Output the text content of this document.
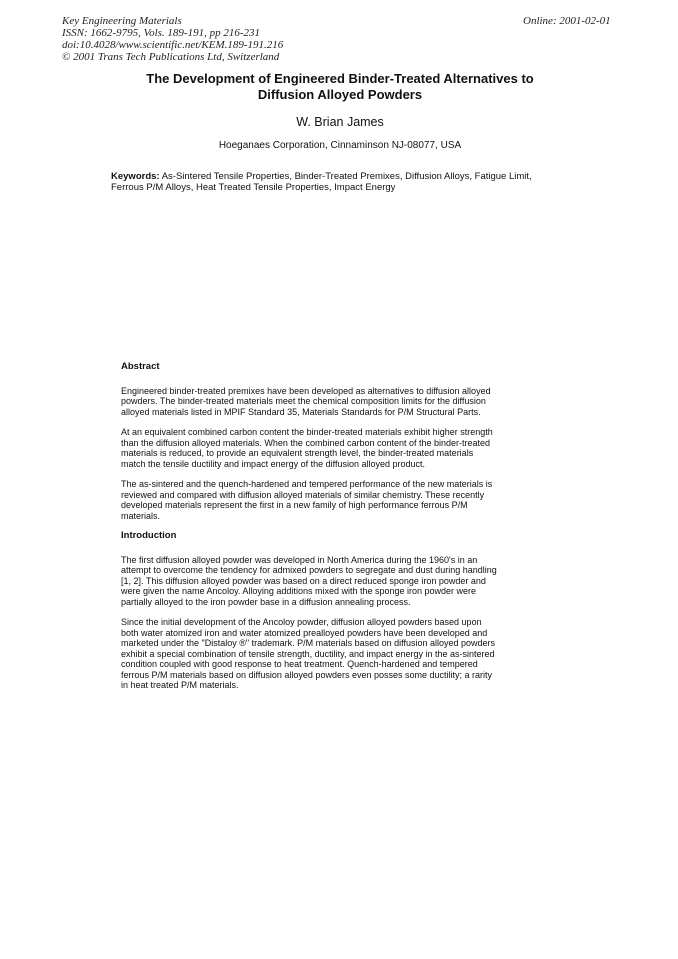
Key Engineering Materials
ISSN: 1662-9795, Vols. 189-191, pp 216-231
doi:10.4028/www.scientific.net/KEM.189-191.216
© 2001 Trans Tech Publications Ltd, Switzerland
Online: 2001-02-01
The Development of Engineered Binder-Treated Alternatives to
Diffusion Alloyed Powders
W. Brian James
Hoeganaes Corporation, Cinnaminson NJ-08077, USA
Keywords: As-Sintered Tensile Properties, Binder-Treated Premixes, Diffusion Alloys, Fatigue Limit, Ferrous P/M Alloys, Heat Treated Tensile Properties, Impact Energy
Abstract
Engineered binder-treated premixes have been developed as alternatives to diffusion alloyed
powders. The binder-treated materials meet the chemical composition limits for the diffusion
alloyed materials listed in MPIF Standard 35, Materials Standards for P/M Structural Parts.
At an equivalent combined carbon content the binder-treated materials exhibit higher strength
than the diffusion alloyed materials. When the combined carbon content of the binder-treated
materials is reduced, to provide an equivalent strength level, the binder-treated materials
match the tensile ductility and impact energy of the diffusion alloyed product.
The as-sintered and the quench-hardened and tempered performance of the new materials is
reviewed and compared with diffusion alloyed materials of similar chemistry. These recently
developed materials represent the first in a new family of high performance ferrous P/M
materials.
Introduction
The first diffusion alloyed powder was developed in North America during the 1960's in an
attempt to overcome the tendency for admixed powders to segregate and dust during handling
[1, 2]. This diffusion alloyed powder was based on a direct reduced sponge iron powder and
were given the name Ancoloy. Alloying additions mixed with the sponge iron powder were
partially alloyed to the iron powder base in a diffusion annealing process.
Since the initial development of the Ancoloy powder, diffusion alloyed powders based upon
both water atomized iron and water atomized prealloyed powders have been developed and
marketed under the "Distaloy ®" trademark. P/M materials based on diffusion alloyed powders
exhibit a special combination of tensile strength, ductility, and impact energy in the as-sintered
condition coupled with good response to heat treatment. Quench-hardened and tempered
ferrous P/M materials based on diffusion alloyed powders even posses some ductility; a rarity
in heat treated P/M materials.
